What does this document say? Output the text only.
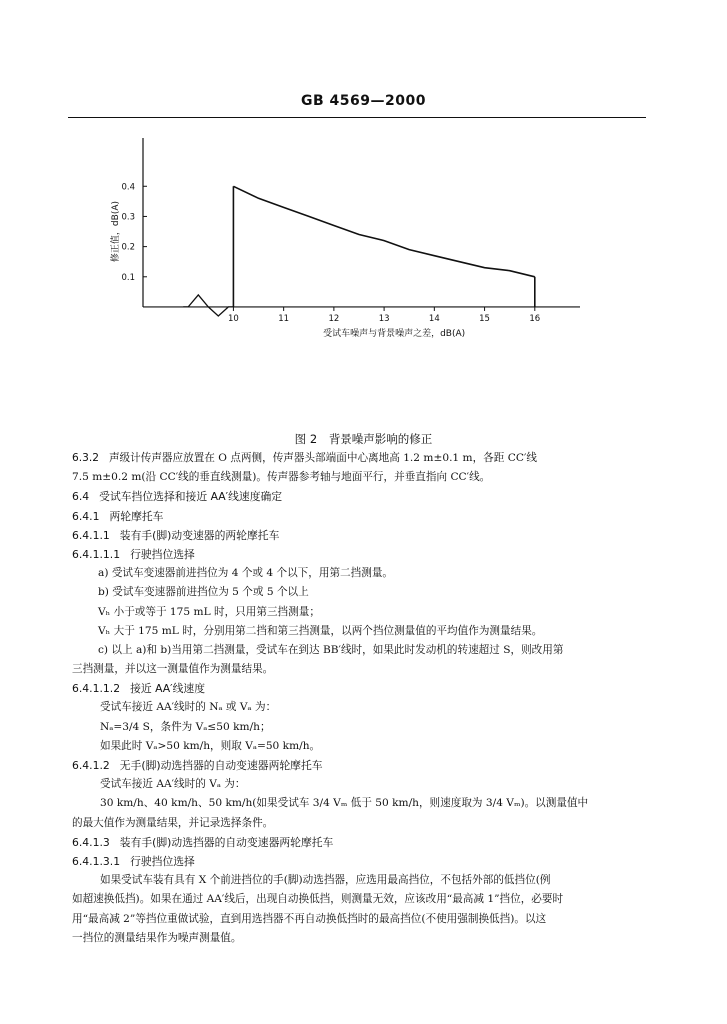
GB 4569—2000
0.1
0.2
0.3
0.4
10	11	12	13	14	15	16
修正值，dB(A)
受试车噪声与背景噪声之差，dB(A)
图 2 背景噪声影响的修正
6.3.2 声级计传声器应放置在 O 点两侧，传声器头部端面中心离地高 1.2 m±0.1 m，各距 CC′线
7.5 m±0.2 m(沿 CC′线的垂直线测量)。传声器参考轴与地面平行，并垂直指向 CC′线。
6.4 受试车挡位选择和接近 AA′线速度确定
6.4.1 两轮摩托车
6.4.1.1 装有手(脚)动变速器的两轮摩托车
6.4.1.1.1 行驶挡位选择
a) 受试车变速器前进挡位为 4 个或 4 个以下，用第二挡测量。
b) 受试车变速器前进挡位为 5 个或 5 个以上
Vₕ 小于或等于 175 mL 时，只用第三挡测量；
Vₕ 大于 175 mL 时，分别用第二挡和第三挡测量，以两个挡位测量值的平均值作为测量结果。
c) 以上 a)和 b)当用第二挡测量，受试车在到达 BB′线时，如果此时发动机的转速超过 S，则改用第
三挡测量，并以这一测量值作为测量结果。
6.4.1.1.2 接近 AA′线速度
受试车接近 AA′线时的 Nₐ 或 Vₐ 为：
Nₐ=3/4 S，条件为 Vₐ≤50 km/h；
如果此时 Vₐ>50 km/h，则取 Vₐ=50 km/h。
6.4.1.2 无手(脚)动选挡器的自动变速器两轮摩托车
受试车接近 AA′线时的 Vₐ 为：
30 km/h、40 km/h、50 km/h(如果受试车 3/4 Vₘ 低于 50 km/h，则速度取为 3/4 Vₘ)。以测量值中
的最大值作为测量结果，并记录选择条件。
6.4.1.3 装有手(脚)动选挡器的自动变速器两轮摩托车
6.4.1.3.1 行驶挡位选择
如果受试车装有具有 X 个前进挡位的手(脚)动选挡器，应选用最高挡位，不包括外部的低挡位(例
如超速换低挡)。如果在通过 AA′线后，出现自动换低挡，则测量无效，应该改用“最高减 1”挡位，必要时
用“最高减 2”等挡位重做试验，直到用选挡器不再自动换低挡时的最高挡位(不使用强制换低挡)。以这
一挡位的测量结果作为噪声测量值。
